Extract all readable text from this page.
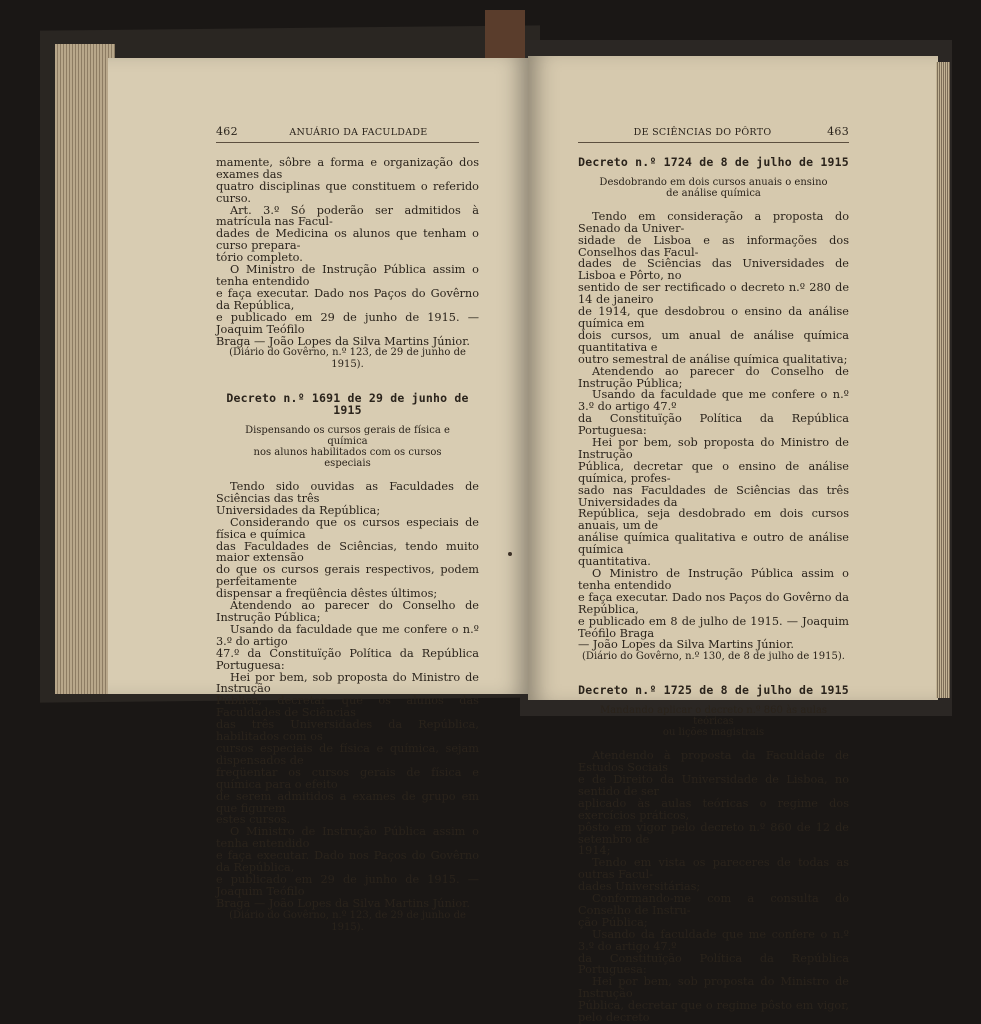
462	ANUÁRIO DA FACULDADE

mamente, sôbre a forma e organização dos exames das

quatro disciplinas que constituem o referido curso.

Art. 3.º Só poderão ser admitidos à matrícula nas Facul-

dades de Medicina os alunos que tenham o curso prepara-

tório completo.

O Ministro de Instrução Pública assim o tenha entendido

e faça executar. Dado nos Paços do Govêrno da República,

e publicado em 29 de junho de 1915. — Joaquim Teófilo

Braga — João Lopes da Silva Martins Júnior.

(Diário do Govêrno, n.º 123, de 29 de junho de 1915).

Decreto n.º 1691 de 29 de junho de 1915
Dispensando os cursos gerais de física e química
nos alunos habilitados com os cursos especiais

Tendo sido ouvidas as Faculdades de Sciências das três

Universidades da República;

Considerando que os cursos especiais de física e química

das Faculdades de Sciências, tendo muito maior extensão

do que os cursos gerais respectivos, podem perfeitamente

dispensar a freqüência dêstes últimos;

Atendendo ao parecer do Conselho de Instrução Pública;

Usando da faculdade que me confere o n.º 3.º do artigo

47.º da Constituïção Política da República Portuguesa:

Hei por bem, sob proposta do Ministro de Instrução

Pública, decretar que os alunos das Faculdades de Sciências

das três Universidades da República, habilitados com os

cursos especiais de física e química, sejam dispensados de

freqüentar os cursos gerais de física e química para o efeito

de serem admitidos a exames de grupo em que figurem

estes cursos.

O Ministro de Instrução Pública assim o tenha entendido

e faça executar. Dado nos Paços do Govêrno da República,

e publicado em 29 de junho de 1915. — Joaquim Teófilo

Braga — João Lopes da Silva Martins Júnior.

(Diário do Govêrno, n.º 123, de 29 de junho de 1915).

DE SCIÊNCIAS DO PÔRTO	463
Decreto n.º 1724 de 8 de julho de 1915
Desdobrando em dois cursos anuais o ensino de análise química

Tendo em consideração a proposta do Senado da Univer-

sidade de Lisboa e as informações dos Conselhos das Facul-

dades de Sciências das Universidades de Lisboa e Pôrto, no

sentido de ser rectificado o decreto n.º 280 de 14 de janeiro

de 1914, que desdobrou o ensino da análise química em

dois cursos, um anual de análise química quantitativa e

outro semestral de análise química qualitativa;

Atendendo ao parecer do Conselho de Instrução Pública;

Usando da faculdade que me confere o n.º 3.º do artigo 47.º

da Constituïção Política da República Portuguesa:

Hei por bem, sob proposta do Ministro de Instrução

Pública, decretar que o ensino de análise química, profes-

sado nas Faculdades de Sciências das três Universidades da

República, seja desdobrado em dois cursos anuais, um de

análise química qualitativa e outro de análise química

quantitativa.

O Ministro de Instrução Pública assim o tenha entendido

e faça executar. Dado nos Paços do Govêrno da República,

e publicado em 8 de julho de 1915. — Joaquim Teófilo Braga

— João Lopes da Silva Martins Júnior.

(Diário do Govêrno, n.º 130, de 8 de julho de 1915).

Decreto n.º 1725 de 8 de julho de 1915
Mandando aplicar o decreto n.º 860 às aulas teóricas
ou lições magistrais

Atendendo à proposta da Faculdade de Estudos Sociais

e de Direito da Universidade de Lisboa, no sentido de ser

aplicado às aulas teóricas o regime dos exercícios práticos,

pôsto em vigor pelo decreto n.º 860 de 12 de setembro de

1914;

Tendo em vista os pareceres de todas as outras Facul-

dades Universitárias;

Conformando-me com a consulta do Conselho de Instru-

ção Pública;

Usando da faculdade que me confere o n.º 3.º do artigo 47.º

da Constituïção Política da República Portuguesa:

Hei por bem, sob proposta do Ministro de Instrução

Pública, decretar que o regime pôsto em vigor, pelo decreto
